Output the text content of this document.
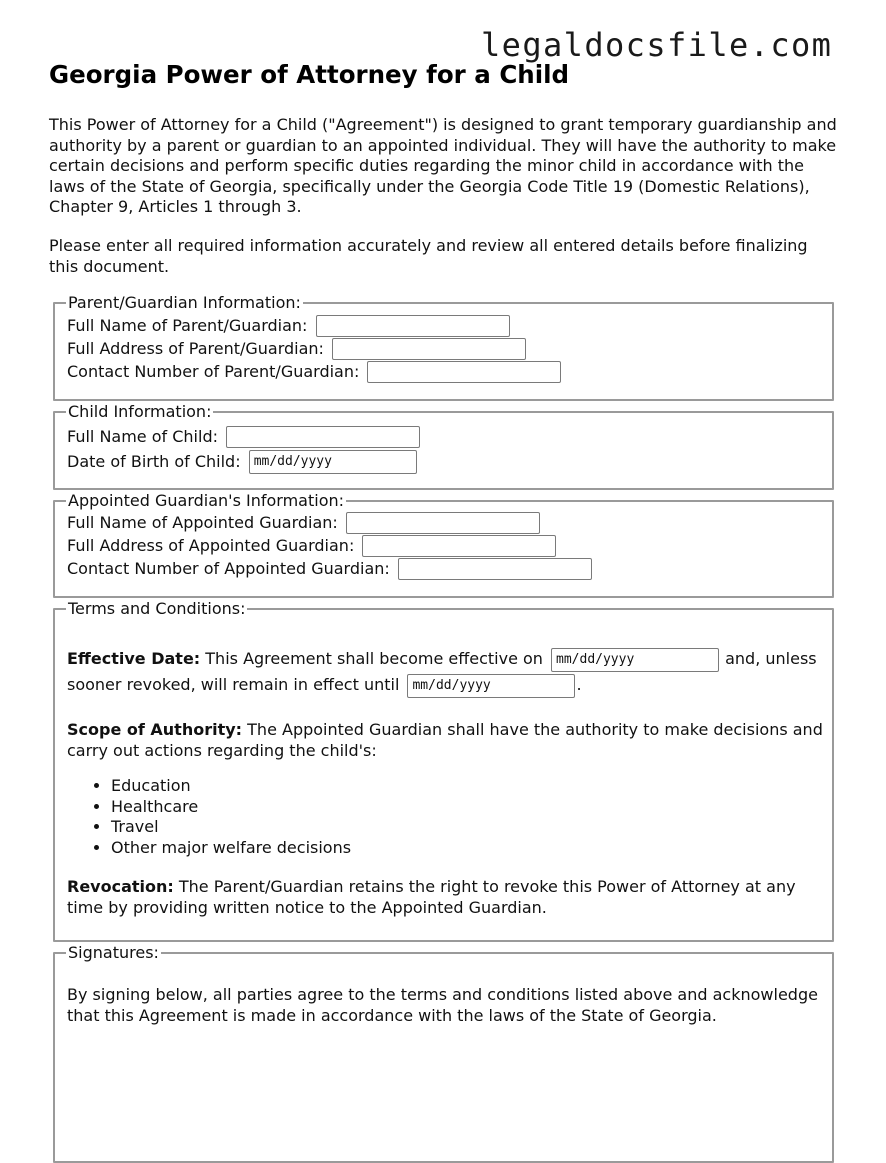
legaldocsfile.com
Georgia Power of Attorney for a Child

This Power of Attorney for a Child ("Agreement") is designed to grant temporary guardianship and authority by a parent or guardian to an appointed individual. They will have the authority to make certain decisions and perform specific duties regarding the minor child in accordance with the laws of the State of Georgia, specifically under the Georgia Code Title 19 (Domestic Relations), Chapter 9, Articles 1 through 3.

Please enter all required information accurately and review all entered details before finalizing this document.

Parent/Guardian Information:
Full Name of Parent/Guardian:
Full Address of Parent/Guardian:
Contact Number of Parent/Guardian:
Child Information:
Full Name of Child:
Date of Birth of Child: mm/dd/yyyy
Appointed Guardian's Information:
Full Name of Appointed Guardian:
Full Address of Appointed Guardian:
Contact Number of Appointed Guardian:
Terms and Conditions:

Effective Date: This Agreement shall become effective on mm/dd/yyyy	and, unless sooner revoked, will remain in effect until mm/dd/yyyy	.

Scope of Authority: The Appointed Guardian shall have the authority to make decisions and carry out actions regarding the child's:

• Education
• Healthcare
• Travel
• Other major welfare decisions

Revocation: The Parent/Guardian retains the right to revoke this Power of Attorney at any time by providing written notice to the Appointed Guardian.

Signatures:

By signing below, all parties agree to the terms and conditions listed above and acknowledge that this Agreement is made in accordance with the laws of the State of Georgia.
